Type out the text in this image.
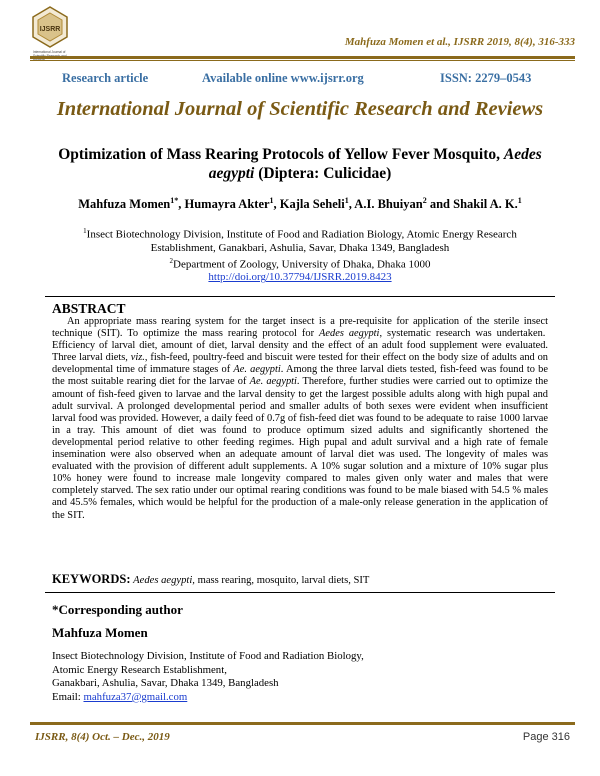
IJSRR
International Journal of
Mahfuza Momen et al., IJSRR 2019, 8(4), 316-333
Research article	Available online www.ijsrr.org	ISSN: 2279–0543
International Journal of Scientific Research and Reviews
Optimization of Mass Rearing Protocols of Yellow Fever Mosquito, Aedes aegypti (Diptera: Culicidae)
Mahfuza Momen$^{1*}$, Humayra Akter$^1$, Kajla Seheli$^1$, A.I. Bhuiyan$^2$ and Shakil A. K.$^1$
$^1$Insect Biotechnology Division, Institute of Food and Radiation Biology, Atomic Energy Research Establishment, Ganakbari, Ashulia, Savar, Dhaka 1349, Bangladesh
$^2$Department of Zoology, University of Dhaka, Dhaka 1000
http://doi.org/10.37794/IJSRR.2019.8423
ABSTRACT

An appropriate mass rearing system for the target insect is a pre-requisite for application of the sterile insect technique (SIT). To optimize the mass rearing protocol for Aedes aegypti, systematic research was undertaken.  Efficiency of larval diet, amount of diet, larval density and the effect of an adult food supplement were evaluated. Three larval diets, viz., fish-feed, poultry-feed and biscuit were tested for their effect on the body size of adults and on developmental time of immature stages of Ae. aegypti. Among the three larval diets tested, fish-feed was found to be the most suitable rearing diet for the larvae of Ae. aegypti. Therefore, further studies were carried out to optimize the amount of fish-feed given to larvae and the larval density to get the largest possible adults along with high pupal and adult survival. A prolonged developmental period and smaller adults of both sexes were evident when insufficient larval food was provided. However, a daily feed of 0.7g of fish-feed diet was found to be adequate to raise 1000 larvae in a tray. This amount of diet was found to produce optimum sized adults and significantly shortened the developmental period relative to other feeding regimes. High pupal and adult survival and a high rate of female insemination were also observed when an adequate amount of larval diet was used. The longevity of males was evaluated with the provision of different adult supplements. A 10% sugar solution and a mixture of 10% sugar plus 10% honey were found to increase male longevity compared to males given only water and males that were completely starved. The sex ratio under our optimal rearing conditions was found to be male biased with 54.5 % males and 45.5% females, which would be helpful for the production of a male-only release generation in the application of the SIT.

KEYWORDS: Aedes aegypti, mass rearing, mosquito, larval diets, SIT
*Corresponding author
Mahfuza Momen
Insect Biotechnology Division, Institute of Food and Radiation Biology,
Atomic Energy Research Establishment,
Ganakbari, Ashulia, Savar, Dhaka 1349, Bangladesh
Email: mahfuza37@gmail.com
IJSRR, 8(4) Oct. – Dec., 2019	Page 316
